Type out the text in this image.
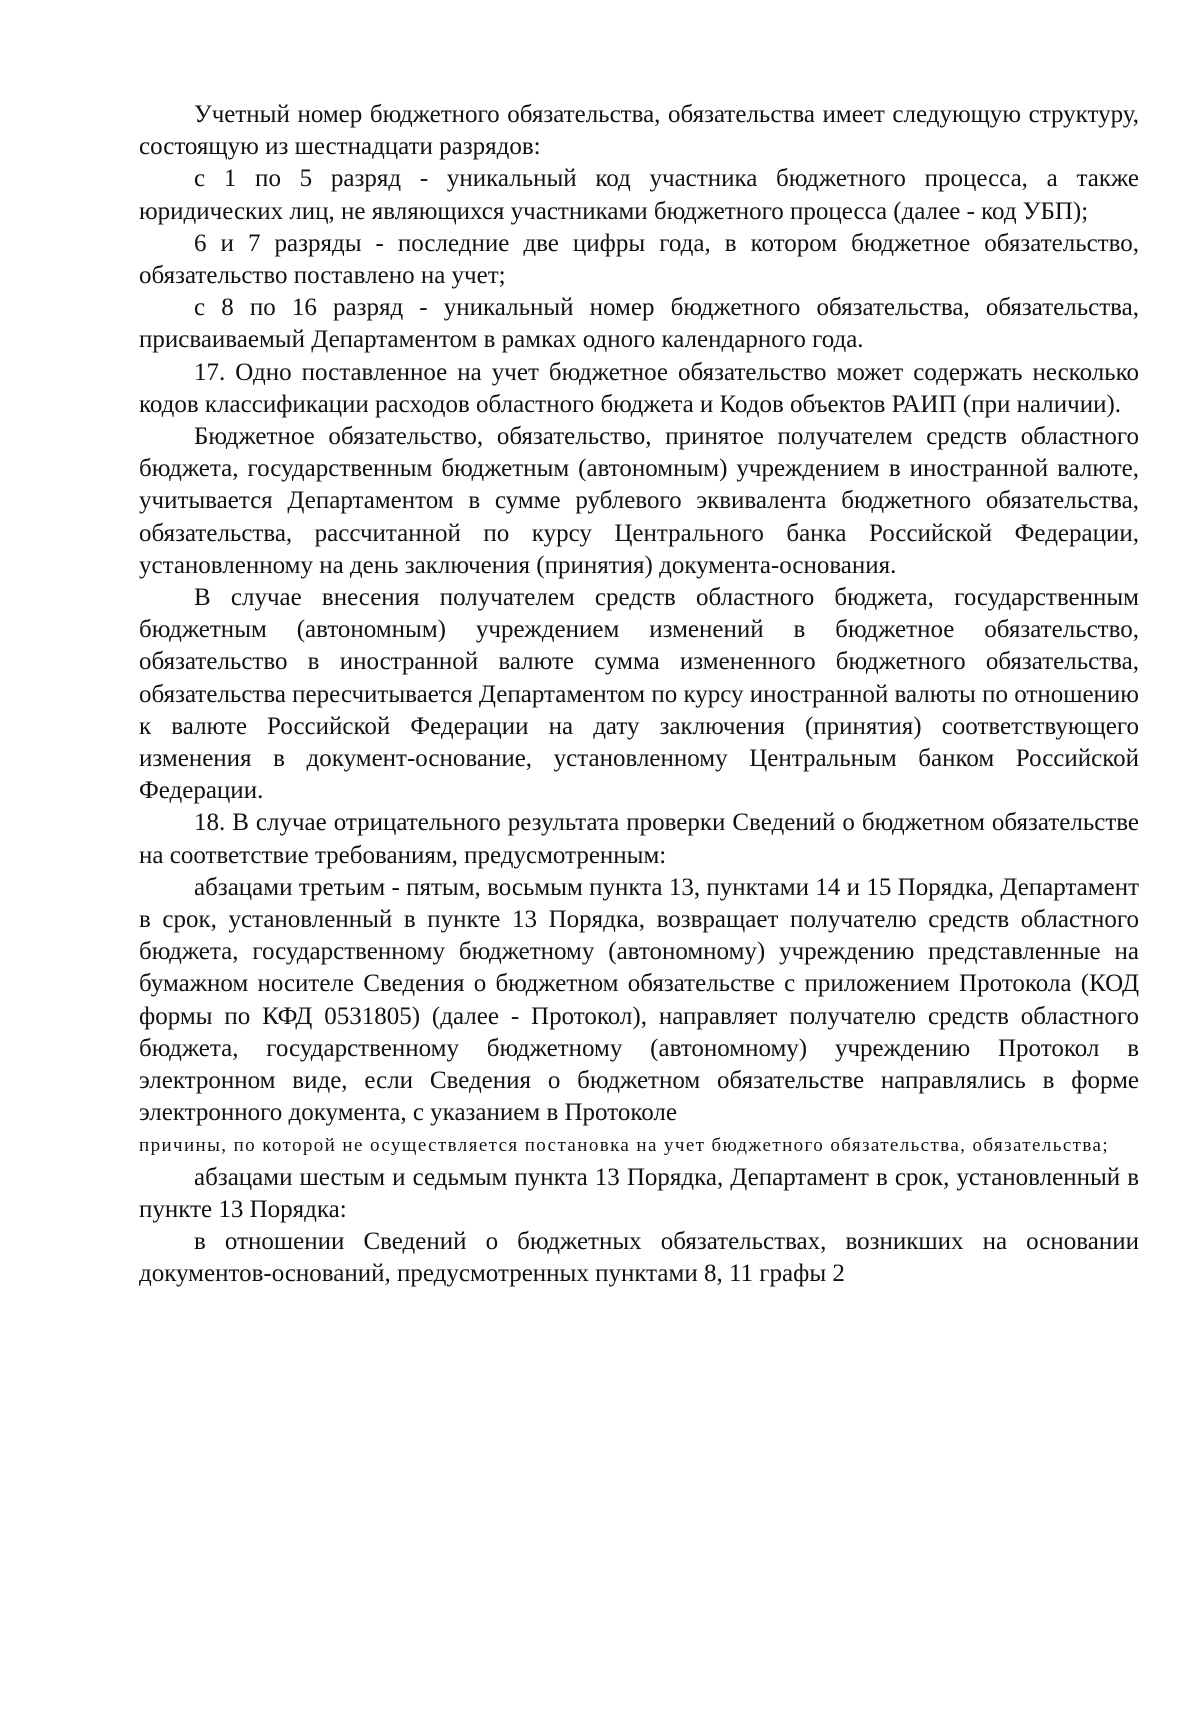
Учетный номер бюджетного обязательства, обязательства имеет следующую структуру, состоящую из шестнадцати разрядов:

с 1 по 5 разряд - уникальный код участника бюджетного процесса, а также юридических лиц, не являющихся участниками бюджетного процесса (далее - код УБП);

6 и 7 разряды - последние две цифры года, в котором бюджетное обязательство, обязательство поставлено на учет;

с 8 по 16 разряд - уникальный номер бюджетного обязательства, обязательства, присваиваемый Департаментом в рамках одного календарного года.

17. Одно поставленное на учет бюджетное обязательство может содержать несколько кодов классификации расходов областного бюджета и Кодов объектов РАИП (при наличии).

Бюджетное обязательство, обязательство, принятое получателем средств областного бюджета, государственным бюджетным (автономным) учреждением в иностранной валюте, учитывается Департаментом в сумме рублевого эквивалента бюджетного обязательства, обязательства, рассчитанной по курсу Центрального банка Российской Федерации, установленному на день заключения (принятия) документа-основания.

В случае внесения получателем средств областного бюджета, государственным бюджетным (автономным) учреждением изменений в бюджетное обязательство, обязательство в иностранной валюте сумма измененного бюджетного обязательства, обязательства пересчитывается Департаментом по курсу иностранной валюты по отношению к валюте Российской Федерации на дату заключения (принятия) соответствующего изменения в документ-основание, установленному Центральным банком Российской Федерации.

18. В случае отрицательного результата проверки Сведений о бюджетном обязательстве на соответствие требованиям, предусмотренным:

абзацами третьим - пятым, восьмым пункта 13, пунктами 14 и 15 Порядка, Департамент в срок, установленный в пункте 13 Порядка, возвращает получателю средств областного бюджета, государственному бюджетному (автономному) учреждению представленные на бумажном носителе Сведения о бюджетном обязательстве с приложением Протокола (КОД формы по КФД 0531805) (далее - Протокол), направляет получателю средств областного бюджета, государственному бюджетному (автономному) учреждению Протокол в электронном виде, если Сведения о бюджетном обязательстве направлялись в форме электронного документа, с указанием в Протоколе

причины, по которой не осуществляется постановка на учет бюджетного обязательства, обязательства;

абзацами шестым и седьмым пункта 13 Порядка, Департамент в срок, установленный в пункте 13 Порядка:

в отношении Сведений о бюджетных обязательствах, возникших на основании документов-оснований, предусмотренных пунктами 8, 11 графы 2
